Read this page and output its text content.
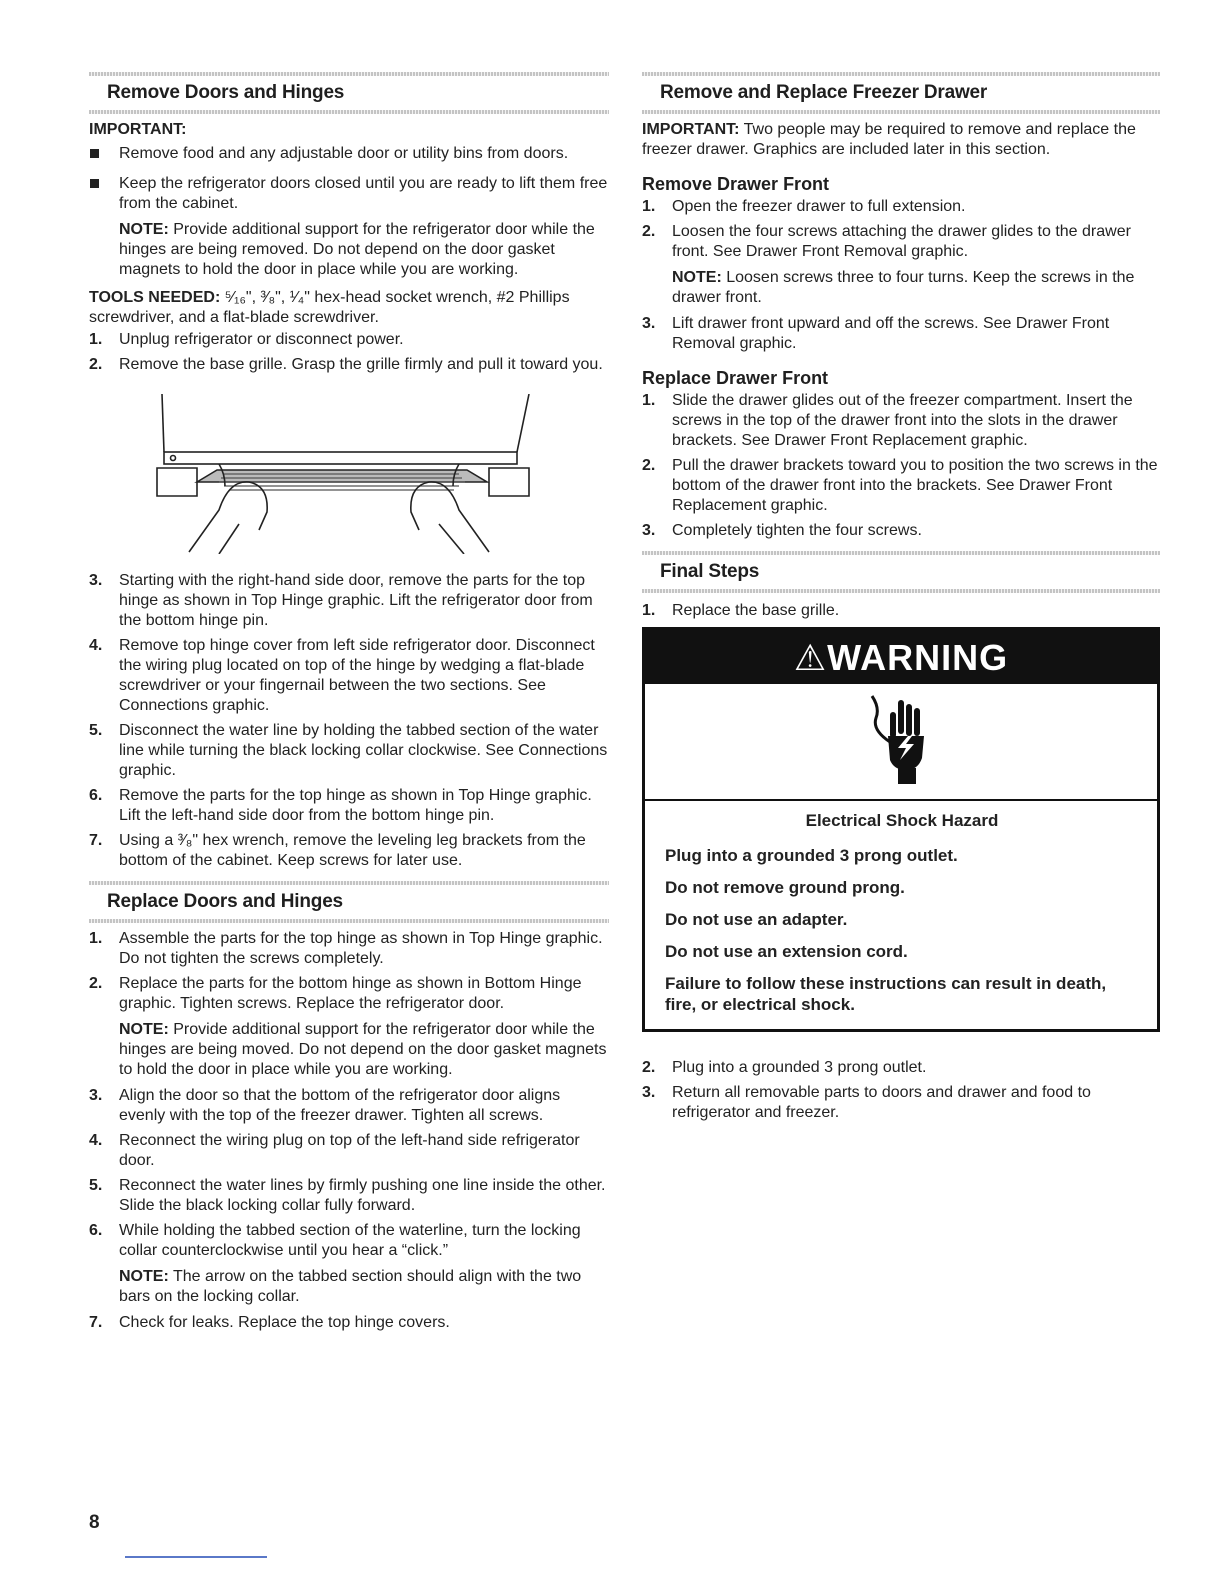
Remove Doors and Hinges

IMPORTANT:

Remove food and any adjustable door or utility bins from doors.
Keep the refrigerator doors closed until you are ready to lift them free from the cabinet.

NOTE: Provide additional support for the refrigerator door while the hinges are being removed. Do not depend on the door gasket magnets to hold the door in place while you are working.

TOOLS NEEDED: ⁵⁄₁₆", ³⁄₈", ¹⁄₄" hex-head socket wrench, #2 Phillips screwdriver, and a flat-blade screwdriver.

1. Unplug refrigerator or disconnect power.
2. Remove the base grille. Grasp the grille firmly and pull it toward you.
3. Starting with the right-hand side door, remove the parts for the top hinge as shown in Top Hinge graphic. Lift the refrigerator door from the bottom hinge pin.
4. Remove top hinge cover from left side refrigerator door. Disconnect the wiring plug located on top of the hinge by wedging a flat-blade screwdriver or your fingernail between the two sections. See Connections graphic.
5. Disconnect the water line by holding the tabbed section of the water line while turning the black locking collar clockwise. See Connections graphic.
6. Remove the parts for the top hinge as shown in Top Hinge graphic. Lift the left-hand side door from the bottom hinge pin.
7. Using a ³⁄₈" hex wrench, remove the leveling leg brackets from the bottom of the cabinet. Keep screws for later use.
Replace Doors and Hinges
1. Assemble the parts for the top hinge as shown in Top Hinge graphic. Do not tighten the screws completely.
2. Replace the parts for the bottom hinge as shown in Bottom Hinge graphic. Tighten screws. Replace the refrigerator door.

NOTE: Provide additional support for the refrigerator door while the hinges are being moved. Do not depend on the door gasket magnets to hold the door in place while you are working.

3. Align the door so that the bottom of the refrigerator door aligns evenly with the top of the freezer drawer. Tighten all screws.
4. Reconnect the wiring plug on top of the left-hand side refrigerator door.
5. Reconnect the water lines by firmly pushing one line inside the other. Slide the black locking collar fully forward.
6. While holding the tabbed section of the waterline, turn the locking collar counterclockwise until you hear a “click.”

NOTE: The arrow on the tabbed section should align with the two bars on the locking collar.

7. Check for leaks. Replace the top hinge covers.
Remove and Replace Freezer Drawer

IMPORTANT: Two people may be required to remove and replace the freezer drawer. Graphics are included later in this section.

Remove Drawer Front
1. Open the freezer drawer to full extension.
2. Loosen the four screws attaching the drawer glides to the drawer front. See Drawer Front Removal graphic.

NOTE: Loosen screws three to four turns. Keep the screws in the drawer front.

3. Lift drawer front upward and off the screws. See Drawer Front Removal graphic.
Replace Drawer Front
1. Slide the drawer glides out of the freezer compartment. Insert the screws in the top of the drawer front into the slots in the drawer brackets. See Drawer Front Replacement graphic.
2. Pull the drawer brackets toward you to position the two screws in the bottom of the drawer front into the brackets. See Drawer Front Replacement graphic.
3. Completely tighten the four screws.
Final Steps
1. Replace the base grille.
⚠WARNING
Electrical Shock Hazard

Plug into a grounded 3 prong outlet.

Do not remove ground prong.

Do not use an adapter.

Do not use an extension cord.

Failure to follow these instructions can result in death, fire, or electrical shock.

2. Plug into a grounded 3 prong outlet.
3. Return all removable parts to doors and drawer and food to refrigerator and freezer.
8
